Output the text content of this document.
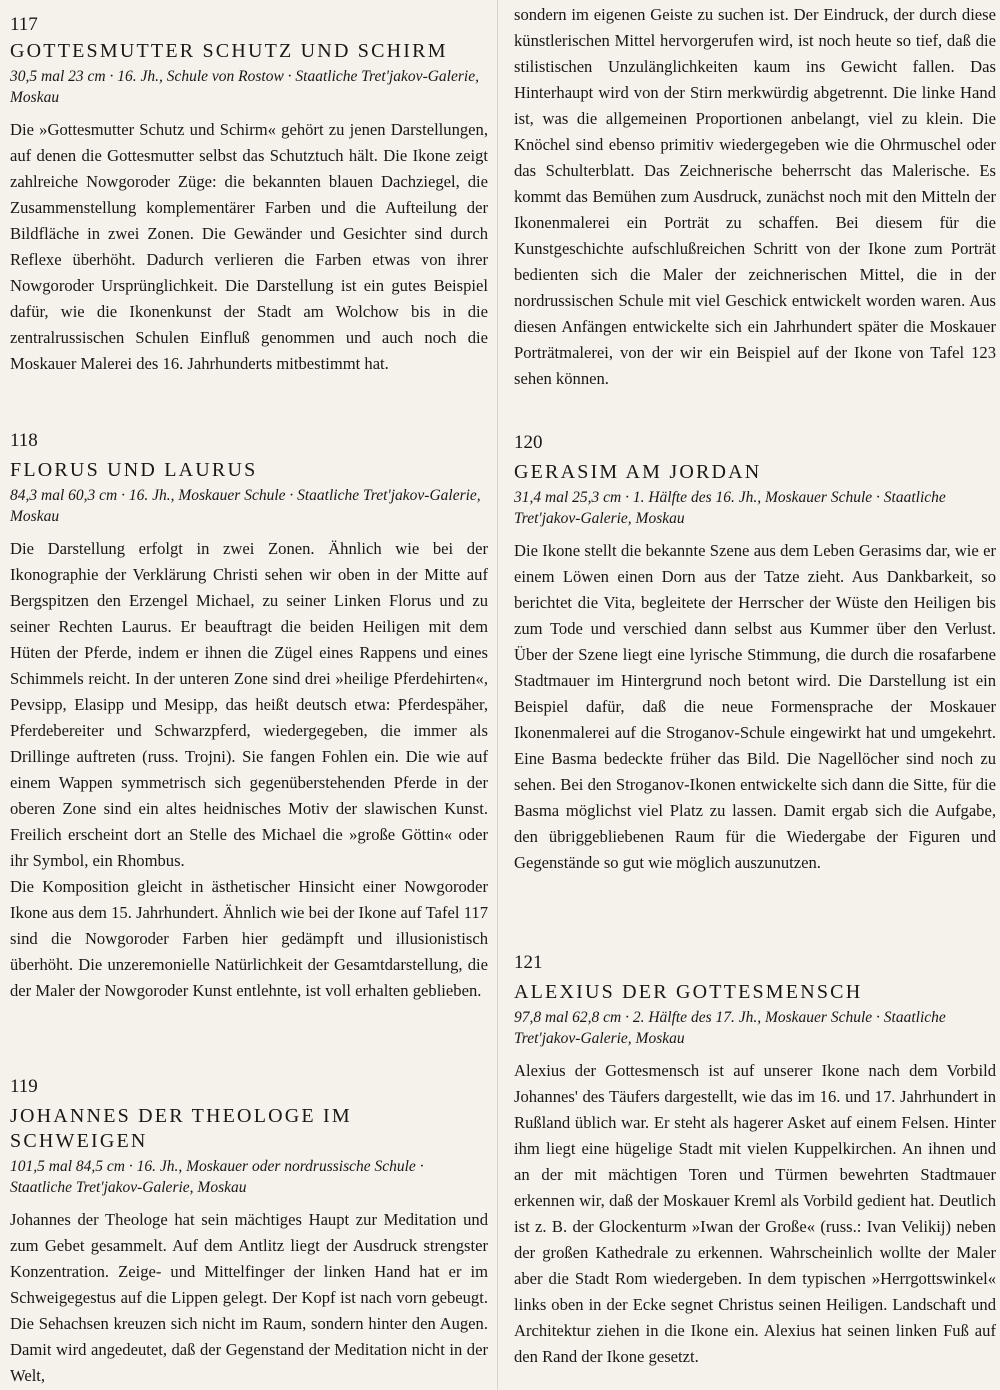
117

GOTTESMUTTER SCHUTZ UND SCHIRM

30,5 mal 23 cm · 16. Jh., Schule von Rostow · Staatliche Tret'jakov-Galerie, Moskau

Die »Gottesmutter Schutz und Schirm« gehört zu jenen Darstellungen, auf denen die Gottesmutter selbst das Schutztuch hält. Die Ikone zeigt zahlreiche Nowgoroder Züge: die bekannten blauen Dachziegel, die Zusammenstellung komplementärer Farben und die Aufteilung der Bildfläche in zwei Zonen. Die Gewänder und Gesichter sind durch Reflexe überhöht. Dadurch verlieren die Farben etwas von ihrer Nowgoroder Ursprünglichkeit. Die Darstellung ist ein gutes Beispiel dafür, wie die Ikonenkunst der Stadt am Wolchow bis in die zentralrussischen Schulen Einfluß genommen und auch noch die Moskauer Malerei des 16. Jahrhunderts mitbestimmt hat.

118

FLORUS UND LAURUS

84,3 mal 60,3 cm · 16. Jh., Moskauer Schule · Staatliche Tret'jakov-Galerie, Moskau

Die Darstellung erfolgt in zwei Zonen. Ähnlich wie bei der Ikonographie der Verklärung Christi sehen wir oben in der Mitte auf Bergspitzen den Erzengel Michael, zu seiner Linken Florus und zu seiner Rechten Laurus. Er beauftragt die beiden Heiligen mit dem Hüten der Pferde, indem er ihnen die Zügel eines Rappens und eines Schimmels reicht. In der unteren Zone sind drei »heilige Pferdehirten«, Pevsipp, Elasipp und Mesipp, das heißt deutsch etwa: Pferdespäher, Pferdebereiter und Schwarzpferd, wiedergegeben, die immer als Drillinge auftreten (russ. Trojni). Sie fangen Fohlen ein. Die wie auf einem Wappen symmetrisch sich gegenüberstehenden Pferde in der oberen Zone sind ein altes heidnisches Motiv der slawischen Kunst. Freilich erscheint dort an Stelle des Michael die »große Göttin« oder ihr Symbol, ein Rhombus.

Die Komposition gleicht in ästhetischer Hinsicht einer Nowgoroder Ikone aus dem 15. Jahrhundert. Ähnlich wie bei der Ikone auf Tafel 117 sind die Nowgoroder Farben hier gedämpft und illusionistisch überhöht. Die unzeremonielle Natürlichkeit der Gesamtdarstellung, die der Maler der Nowgoroder Kunst entlehnte, ist voll erhalten geblieben.

119

JOHANNES DER THEOLOGE IM SCHWEIGEN

101,5 mal 84,5 cm · 16. Jh., Moskauer oder nordrussische Schule · Staatliche Tret'jakov-Galerie, Moskau

Johannes der Theologe hat sein mächtiges Haupt zur Meditation und zum Gebet gesammelt. Auf dem Antlitz liegt der Ausdruck strengster Konzentration. Zeige- und Mittelfinger der linken Hand hat er im Schweigegestus auf die Lippen gelegt. Der Kopf ist nach vorn gebeugt. Die Sehachsen kreuzen sich nicht im Raum, sondern hinter den Augen. Damit wird angedeutet, daß der Gegenstand der Meditation nicht in der Welt,

sondern im eigenen Geiste zu suchen ist. Der Eindruck, der durch diese künstlerischen Mittel hervorgerufen wird, ist noch heute so tief, daß die stilistischen Unzulänglichkeiten kaum ins Gewicht fallen. Das Hinterhaupt wird von der Stirn merkwürdig abgetrennt. Die linke Hand ist, was die allgemeinen Proportionen anbelangt, viel zu klein. Die Knöchel sind ebenso primitiv wiedergegeben wie die Ohrmuschel oder das Schulterblatt. Das Zeichnerische beherrscht das Malerische. Es kommt das Bemühen zum Ausdruck, zunächst noch mit den Mitteln der Ikonenmalerei ein Porträt zu schaffen. Bei diesem für die Kunstgeschichte aufschlußreichen Schritt von der Ikone zum Porträt bedienten sich die Maler der zeichnerischen Mittel, die in der nordrussischen Schule mit viel Geschick entwickelt worden waren. Aus diesen Anfängen entwickelte sich ein Jahrhundert später die Moskauer Porträtmalerei, von der wir ein Beispiel auf der Ikone von Tafel 123 sehen können.

120

GERASIM AM JORDAN

31,4 mal 25,3 cm · 1. Hälfte des 16. Jh., Moskauer Schule · Staatliche Tret'jakov-Galerie, Moskau

Die Ikone stellt die bekannte Szene aus dem Leben Gerasims dar, wie er einem Löwen einen Dorn aus der Tatze zieht. Aus Dankbarkeit, so berichtet die Vita, begleitete der Herrscher der Wüste den Heiligen bis zum Tode und verschied dann selbst aus Kummer über den Verlust. Über der Szene liegt eine lyrische Stimmung, die durch die rosafarbene Stadtmauer im Hintergrund noch betont wird. Die Darstellung ist ein Beispiel dafür, daß die neue Formensprache der Moskauer Ikonenmalerei auf die Stroganov-Schule eingewirkt hat und umgekehrt. Eine Basma bedeckte früher das Bild. Die Nagellöcher sind noch zu sehen. Bei den Stroganov-Ikonen entwickelte sich dann die Sitte, für die Basma möglichst viel Platz zu lassen. Damit ergab sich die Aufgabe, den übriggebliebenen Raum für die Wiedergabe der Figuren und Gegenstände so gut wie möglich auszunutzen.

121

ALEXIUS DER GOTTESMENSCH

97,8 mal 62,8 cm · 2. Hälfte des 17. Jh., Moskauer Schule · Staatliche Tret'jakov-Galerie, Moskau

Alexius der Gottesmensch ist auf unserer Ikone nach dem Vorbild Johannes' des Täufers dargestellt, wie das im 16. und 17. Jahrhundert in Rußland üblich war. Er steht als hagerer Asket auf einem Felsen. Hinter ihm liegt eine hügelige Stadt mit vielen Kuppelkirchen. An ihnen und an der mit mächtigen Toren und Türmen bewehrten Stadtmauer erkennen wir, daß der Moskauer Kreml als Vorbild gedient hat. Deutlich ist z. B. der Glockenturm »Iwan der Große« (russ.: Ivan Velikij) neben der großen Kathedrale zu erkennen. Wahrscheinlich wollte der Maler aber die Stadt Rom wiedergeben. In dem typischen »Herrgottswinkel« links oben in der Ecke segnet Christus seinen Heiligen. Landschaft und Architektur ziehen in die Ikone ein. Alexius hat seinen linken Fuß auf den Rand der Ikone gesetzt.
